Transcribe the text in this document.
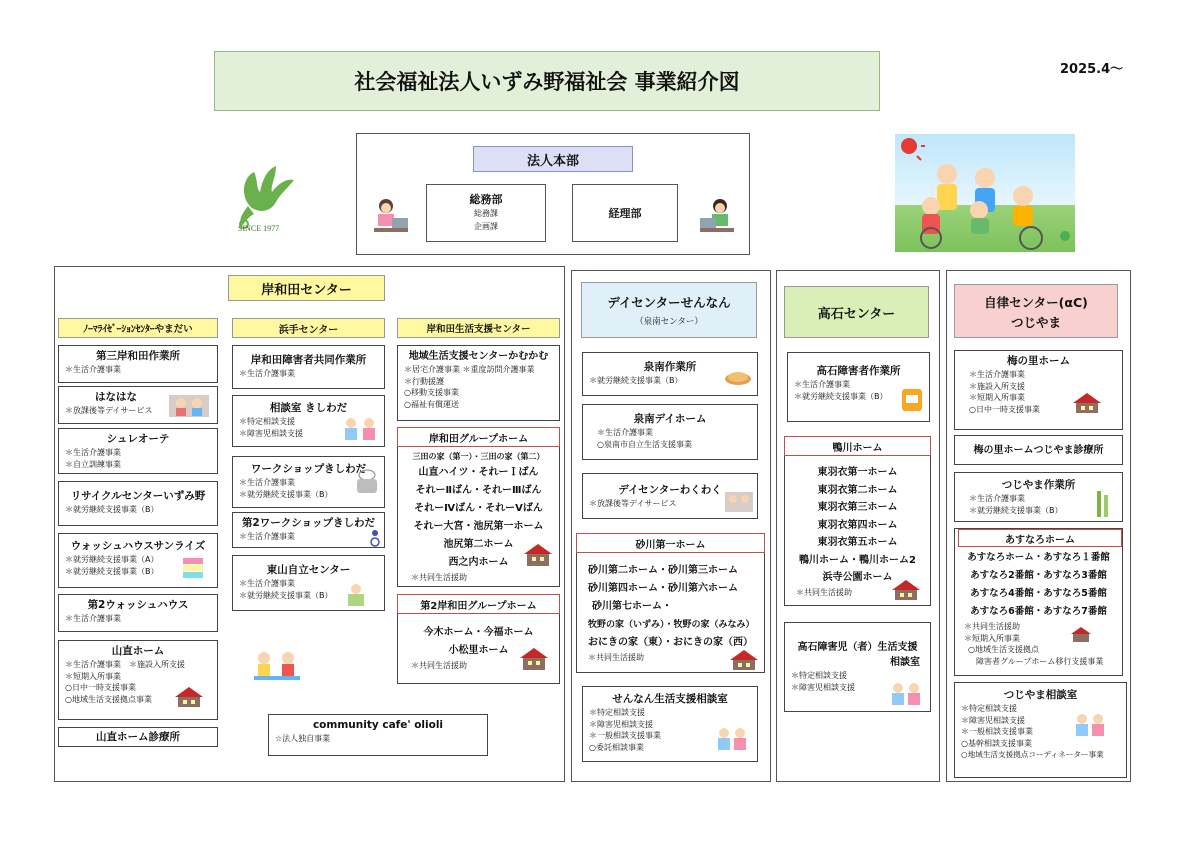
社会福祉法人いずみ野福祉会 事業紹介図
2025.4～
SINCE 1977
法人本部
総務部
総務課
企画課
経理部
岸和田センター
ﾉｰﾏﾗｲｾﾞｰｼｮﾝｾﾝﾀｰやまだい
第三岸和田作業所
＊生活介護事業
はなはな
＊放課後等デイサービス
シュレオーテ
＊生活介護事業
＊自立訓練事業
リサイクルセンターいずみ野
＊就労継続支援事業（B）
ウォッシュハウスサンライズ
＊就労継続支援事業（A）
＊就労継続支援事業（B）
第2ウォッシュハウス
＊生活介護事業
山直ホーム
＊生活介護事業　＊施設入所支援
＊短期入所事業
○日中一時支援事業
○地域生活支援拠点事業
山直ホーム診療所
浜手センター
岸和田障害者共同作業所
＊生活介護事業
相談室 きしわだ
＊特定相談支援
＊障害児相談支援
ワークショップきしわだ
＊生活介護事業
＊就労継続支援事業（B）
第2ワークショップきしわだ
＊生活介護事業
東山自立センター
＊生活介護事業
＊就労継続支援事業（B）
岸和田生活支援センター
地域生活支援センターかむかむ
＊居宅介護事業 ＊重度訪問介護事業
＊行動援護
○移動支援事業
○福祉有償運送
岸和田グループホーム
三田の家（第一）・三田の家（第二）
山直ハイツ・それーＩばん
それーⅡばん・それーⅢばん
それーⅣばん・それーⅤばん
それー大宮・池尻第一ホーム
池尻第二ホーム
西之内ホーム
＊共同生活援助
第2岸和田グループホーム
今木ホーム・今福ホーム
小松里ホーム
＊共同生活援助
community cafe' olioli
☆法人独自事業
デイセンターせんなん
（泉南センター）
泉南作業所
＊就労継続支援事業（B）
泉南デイホーム
＊生活介護事業
○泉南市自立生活支援事業
デイセンターわくわく
＊放課後等デイサービス
砂川第一ホーム
砂川第二ホーム・砂川第三ホーム
砂川第四ホーム・砂川第六ホーム
砂川第七ホーム・
牧野の家（いずみ）・牧野の家（みなみ）
おにきの家（東）・おにきの家（西）
＊共同生活援助
せんなん生活支援相談室
＊特定相談支援
＊障害児相談支援
＊一般相談支援事業
○委託相談事業
高石センター
高石障害者作業所
＊生活介護事業
＊就労継続支援事業（B）
鴨川ホーム
東羽衣第一ホーム
東羽衣第二ホーム
東羽衣第三ホーム
東羽衣第四ホーム
東羽衣第五ホーム
鴨川ホーム・鴨川ホーム2
浜寺公園ホーム
＊共同生活援助
高石障害児（者）生活支援
相談室
＊特定相談支援
＊障害児相談支援
自律センター(αC)
つじやま
梅の里ホーム
＊生活介護事業
＊施設入所支援
＊短期入所事業
○日中一時支援事業
梅の里ホームつじやま診療所
つじやま作業所
＊生活介護事業
＊就労継続支援事業（B）
あすなろホーム
あすなろホーム・あすなろ１番館
あすなろ2番館・あすなろ3番館
あすなろ4番館・あすなろ5番館
あすなろ6番館・あすなろ7番館
＊共同生活援助
＊短期入所事業
○地域生活支援拠点
障害者グループホーム移行支援事業
つじやま相談室
＊特定相談支援
＊障害児相談支援
＊一般相談支援事業
○基幹相談支援事業
○地域生活支援拠点コーディネーター事業
